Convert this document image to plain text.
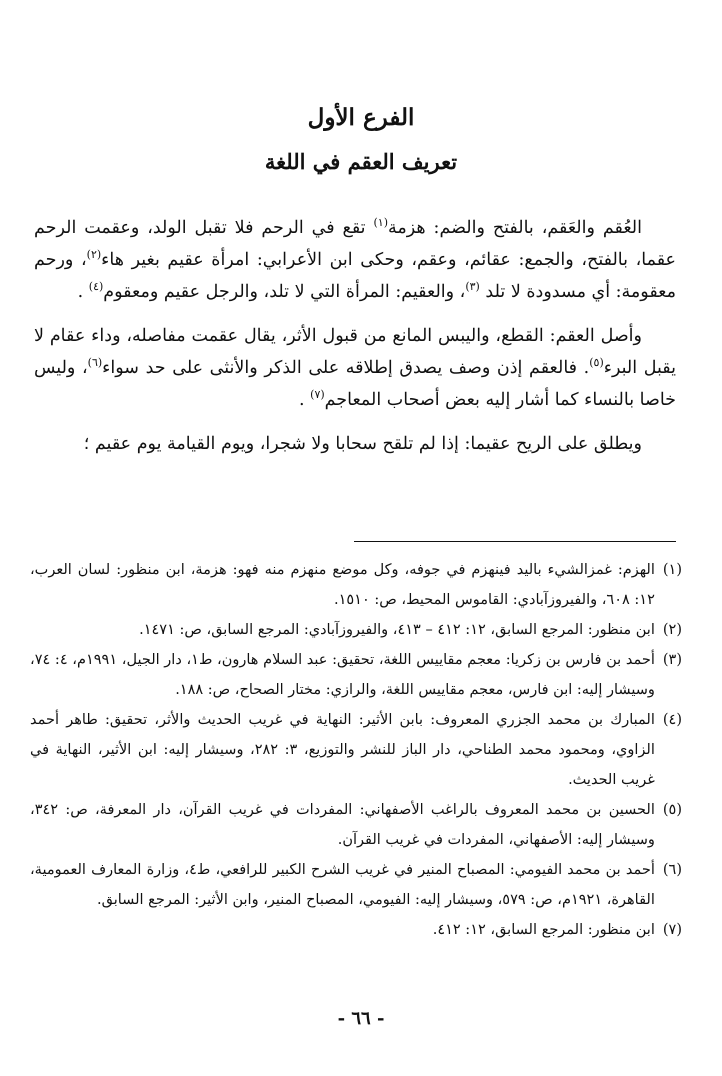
الفرع الأول
تعريف العقم في اللغة

العُقم والعَقم، بالفتح والضم: هزمة$^{(١)}$ تقع في الرحم فلا تقبل الولد، وعقمت الرحم عقما، بالفتح، والجمع: عقائم، وعقم، وحكى ابن الأعرابي: امرأة عقيم بغير هاء$^{(٢)}$، ورحم معقومة: أي مسدودة لا تلد $^{(٣)}$، والعقيم: المرأة التي لا تلد، والرجل عقيم ومعقوم$^{(٤)}$ .

وأصل العقم: القطع، واليبس المانع من قبول الأثر، يقال عقمت مفاصله، وداء عقام لا يقبل البرء$^{(٥)}$. فالعقم إذن وصف يصدق إطلاقه على الذكر والأنثى على حد سواء$^{(٦)}$، وليس خاصا بالنساء كما أشار إليه بعض أصحاب المعاجم$^{(٧)}$ .

ويطلق على الريح عقيما: إذا لم تلقح سحابا ولا شجرا، ويوم القيامة يوم عقيم ؛

(١)
الهزم: غمزالشيء باليد فينهزم في جوفه، وكل موضع منهزم منه فهو: هزمة، ابن منظور: لسان العرب، ١٢: ٦٠٨، والفيروزآبادي: القاموس المحيط، ص: ١٥١٠.
(٢)
ابن منظور: المرجع السابق، ١٢: ٤١٢ – ٤١٣، والفيروزآبادي: المرجع السابق، ص: ١٤٧١.
(٣)
أحمد بن فارس بن زكريا: معجم مقاييس اللغة، تحقيق: عبد السلام هارون، ط١، دار الجيل، ١٩٩١م، ٤: ٧٤، وسيشار إليه: ابن فارس، معجم مقاييس اللغة، والرازي: مختار الصحاح، ص: ١٨٨.
(٤)
المبارك بن محمد الجزري المعروف: بابن الأثير: النهاية في غريب الحديث والأثر، تحقيق: طاهر أحمد الزاوي، ومحمود محمد الطناحي، دار الباز للنشر والتوزيع، ٣: ٢٨٢، وسيشار إليه: ابن الأثير، النهاية في غريب الحديث.
(٥)
الحسين بن محمد المعروف بالراغب الأصفهاني: المفردات في غريب القرآن، دار المعرفة، ص: ٣٤٢، وسيشار إليه: الأصفهاني، المفردات في غريب القرآن.
(٦)
أحمد بن محمد الفيومي: المصباح المنير في غريب الشرح الكبير للرافعي، ط٤، وزارة المعارف العمومية، القاهرة، ١٩٢١م، ص: ٥٧٩، وسيشار إليه: الفيومي، المصباح المنير، وابن الأثير: المرجع السابق.
(٧)
ابن منظور: المرجع السابق، ١٢: ٤١٢.
- ٦٦ -
